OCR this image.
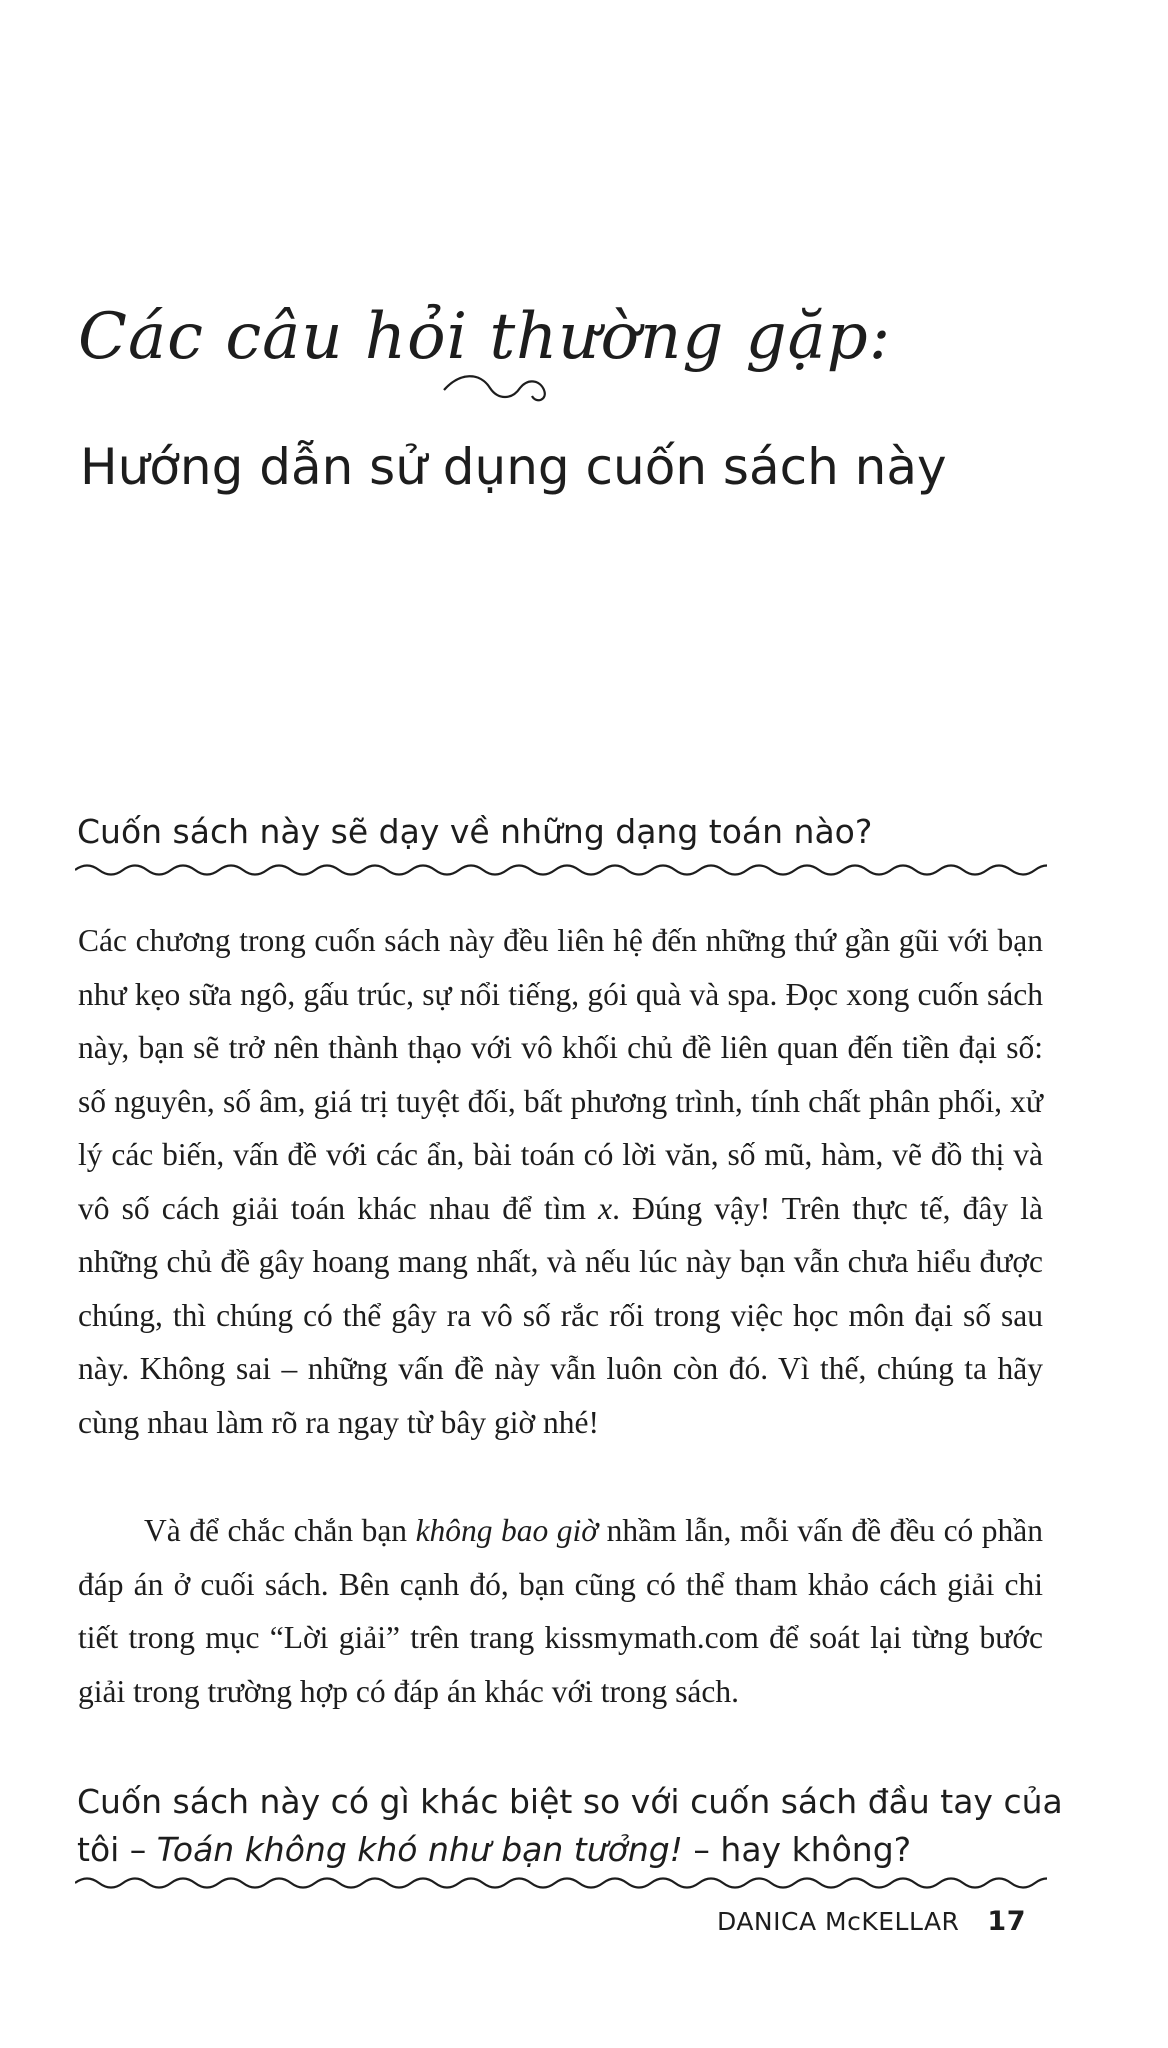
Các câu hỏi thường gặp:
Hướng dẫn sử dụng cuốn sách này
Cuốn sách này sẽ dạy về những dạng toán nào?

Các chương trong cuốn sách này đều liên hệ đến những thứ gần gũi với bạn như kẹo sữa ngô, gấu trúc, sự nổi tiếng, gói quà và spa. Đọc xong cuốn sách này, bạn sẽ trở nên thành thạo với vô khối chủ đề liên quan đến tiền đại số: số nguyên, số âm, giá trị tuyệt đối, bất phương trình, tính chất phân phối, xử lý các biến, vấn đề với các ẩn, bài toán có lời văn, số mũ, hàm, vẽ đồ thị và vô số cách giải toán khác nhau để tìm x. Đúng vậy! Trên thực tế, đây là những chủ đề gây hoang mang nhất, và nếu lúc này bạn vẫn chưa hiểu được chúng, thì chúng có thể gây ra vô số rắc rối trong việc học môn đại số sau này. Không sai – những vấn đề này vẫn luôn còn đó. Vì thế, chúng ta hãy cùng nhau làm rõ ra ngay từ bây giờ nhé!

Và để chắc chắn bạn không bao giờ nhầm lẫn, mỗi vấn đề đều có phần đáp án ở cuối sách. Bên cạnh đó, bạn cũng có thể tham khảo cách giải chi tiết trong mục “Lời giải” trên trang kissmymath.com để soát lại từng bước giải trong trường hợp có đáp án khác với trong sách.

Cuốn sách này có gì khác biệt so với cuốn sách đầu tay của tôi – Toán không khó như bạn tưởng! – hay không?
DANICA McKELLAR 17
